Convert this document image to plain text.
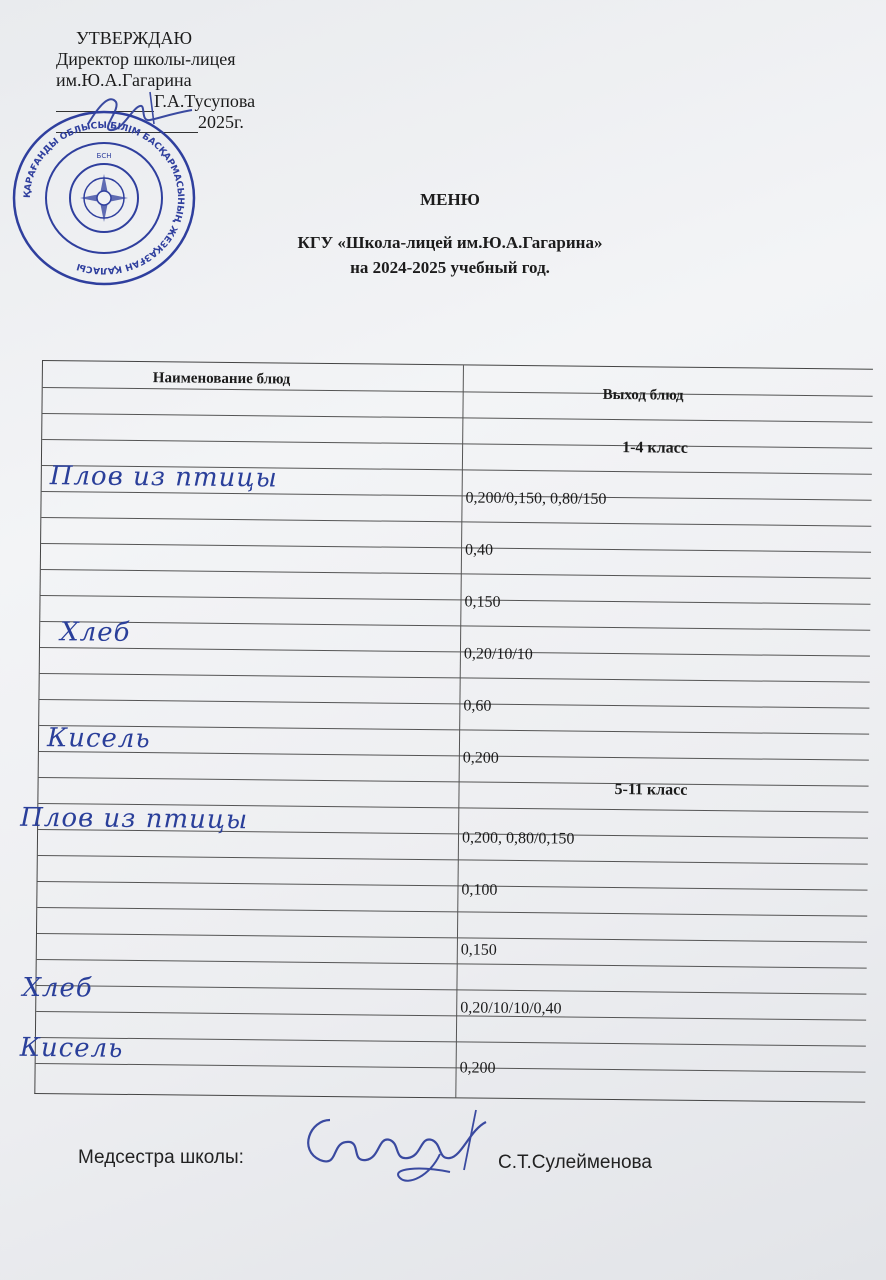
УТВЕРЖДАЮ
Директор школы-лицея
им.Ю.А.Гагарина
Г.А.Тусупова
2025г.
ҚАРАҒАНДЫ ОБЛЫСЫ БІЛІМ БАСҚАРМАСЫНЫҢ ЖЕЗҚАЗҒАН ҚАЛАСЫ
БСН
МЕНЮ
КГУ «Школа-лицей им.Ю.А.Гагарина»
на 2024-2025 учебный год.
Наименование блюд
Выход блюд
1-4 класс
Плов из птицы
0,200/0,150, 0,80/150
0,40
0,150
Хлеб
0,20/10/10
0,60
Кисель
0,200
5-11 класс
Плов из птицы
0,200, 0,80/0,150
0,100
0,150
Хлеб
0,20/10/10/0,40
Кисель
0,200
Медсестра школы:	С.Т.Сулейменова
